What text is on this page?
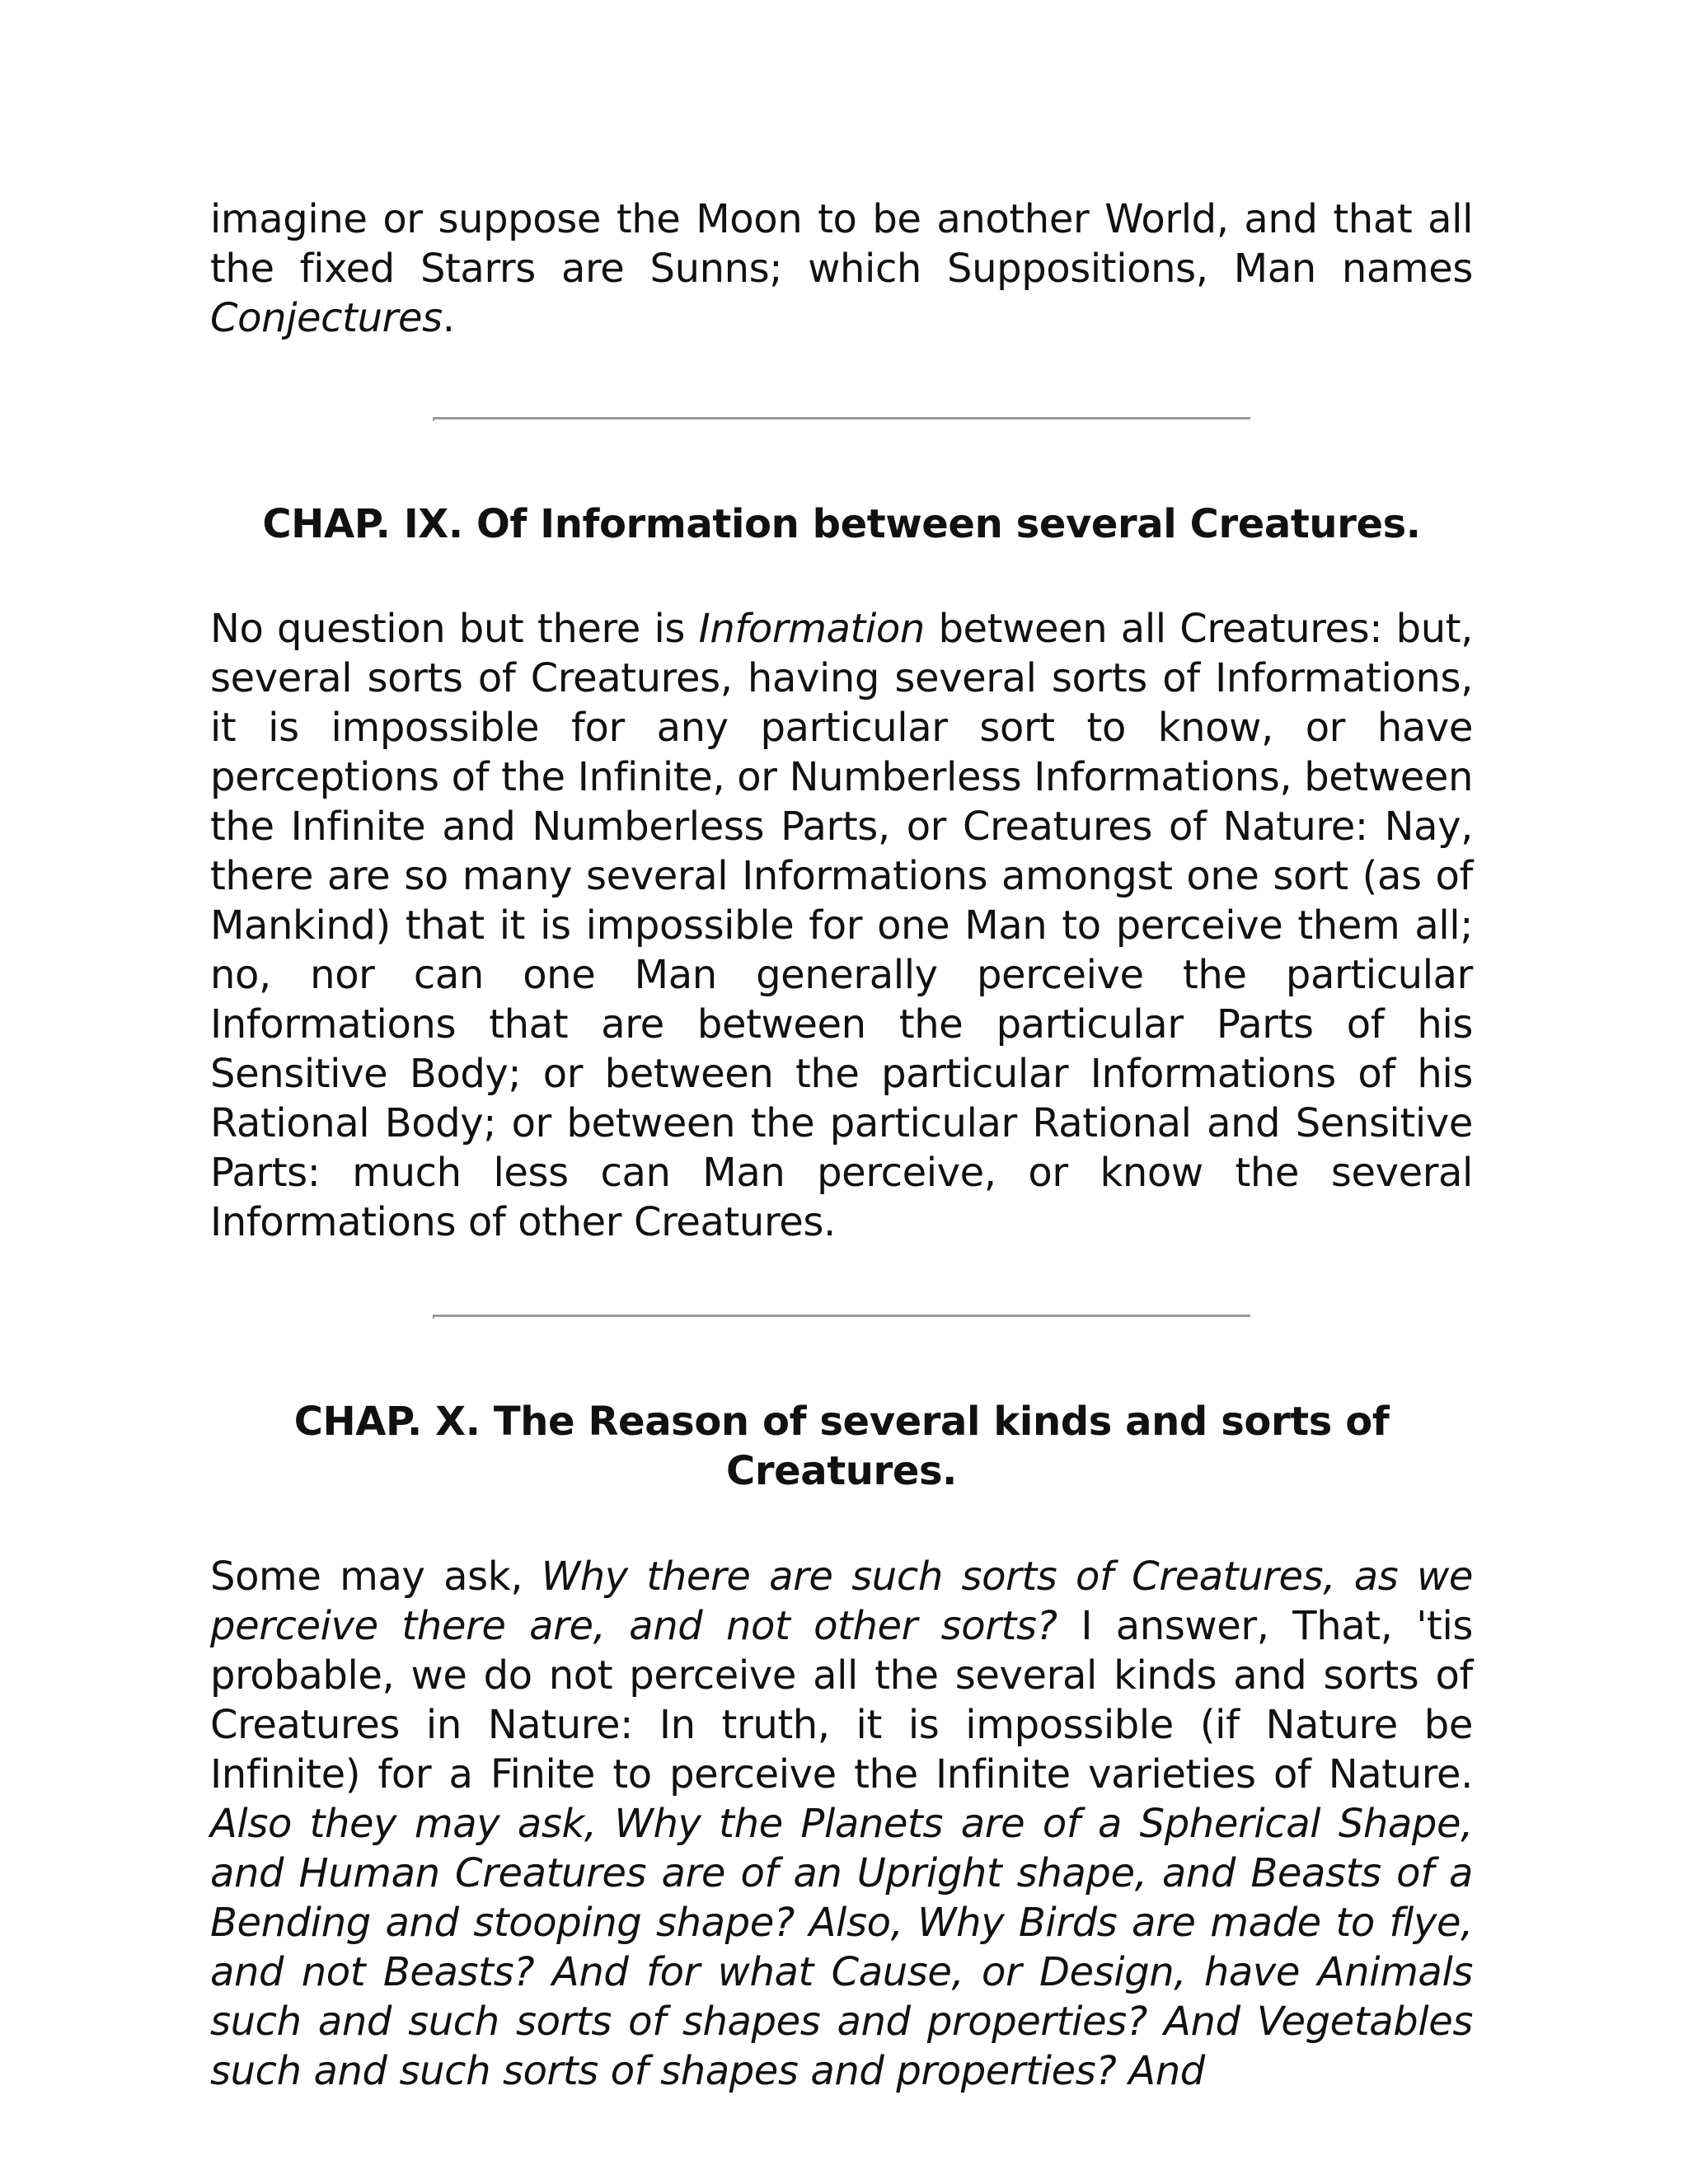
imagine or suppose the Moon to be another World, and that all the fixed Starrs are Sunns; which Suppositions, Man names Conjectures.

CHAP. IX. Of Information between several Creatures.

No question but there is Information between all Creatures: but, several sorts of Creatures, having several sorts of Informations, it is impossible for any particular sort to know, or have perceptions of the Infinite, or Numberless Informations, between the Infinite and Numberless Parts, or Creatures of Nature: Nay, there are so many several Informations amongst one sort (as of Mankind) that it is impossible for one Man to perceive them all; no, nor can one Man generally perceive the particular Informations that are between the particular Parts of his Sensitive Body; or between the particular Informations of his Rational Body; or between the particular Rational and Sensitive Parts: much less can Man perceive, or know the several Informations of other Creatures.

CHAP. X. The Reason of several kinds and sorts of Creatures.

Some may ask, Why there are such sorts of Creatures, as we perceive there are, and not other sorts? I answer, That, 'tis probable, we do not perceive all the several kinds and sorts of Creatures in Nature: In truth, it is impossible (if Nature be Infinite) for a Finite to perceive the Infinite varieties of Nature. Also they may ask, Why the Planets are of a Spherical Shape, and Human Creatures are of an Upright shape, and Beasts of a Bending and stooping shape? Also, Why Birds are made to flye, and not Beasts? And for what Cause, or Design, have Animals such and such sorts of shapes and properties? And Vegetables such and such sorts of shapes and properties? And
